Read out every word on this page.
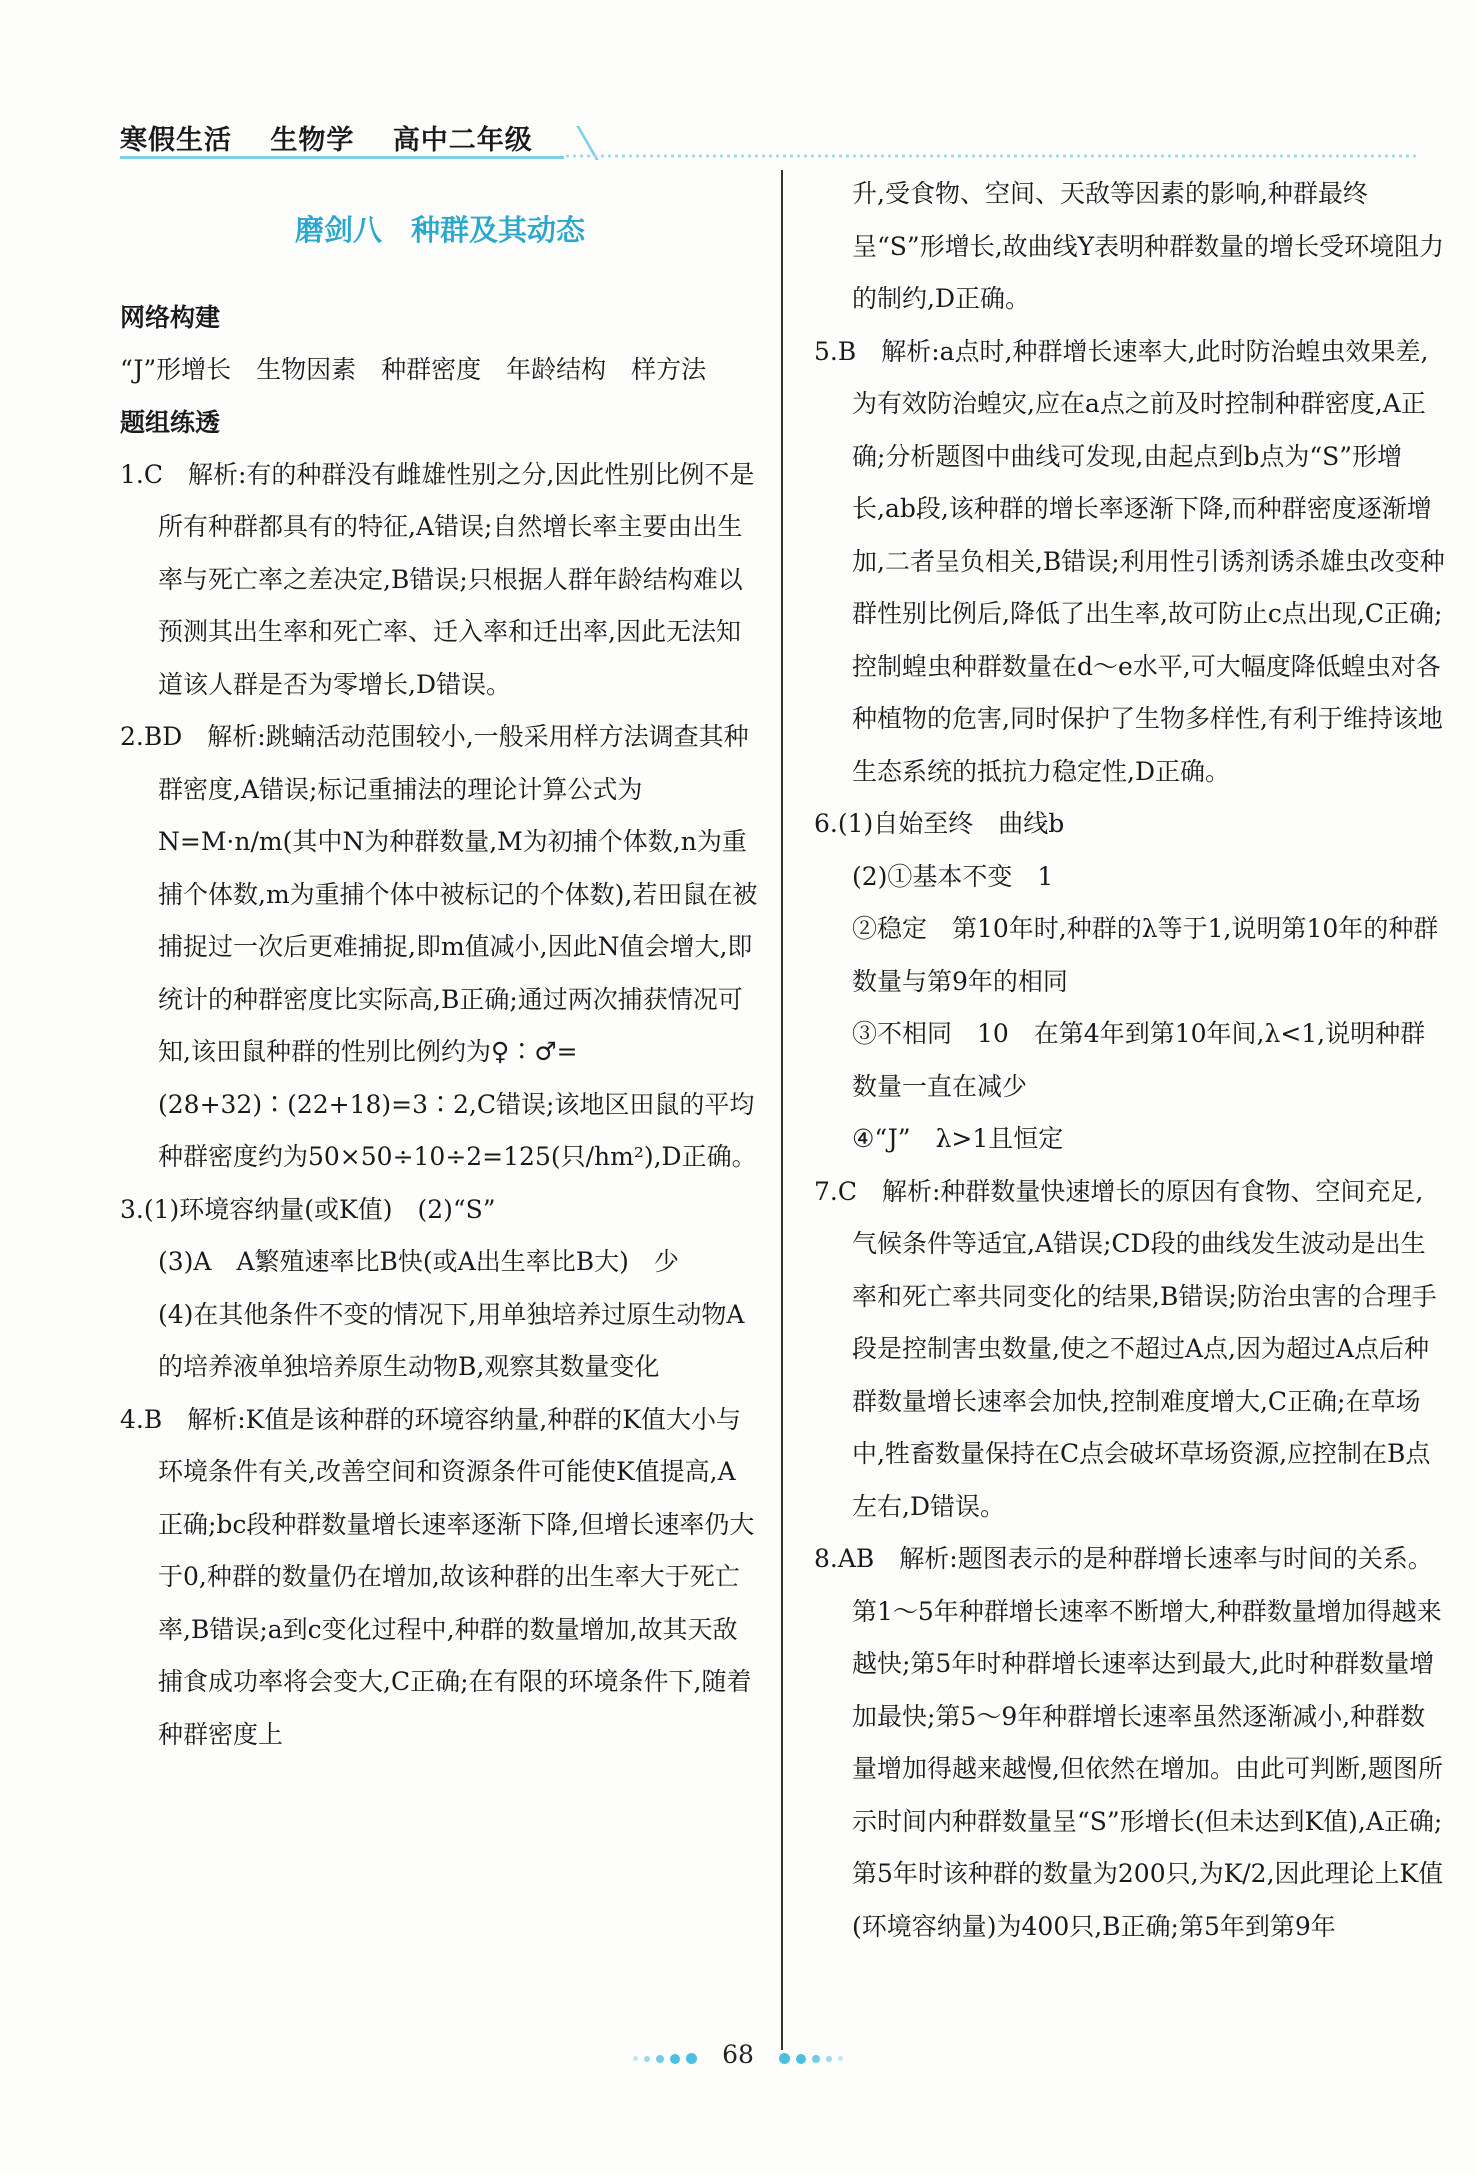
寒假生活 生物学 高中二年级
磨剑八　种群及其动态
网络构建
“J”形增长　生物因素　种群密度　年龄结构　样方法
题组练透
1.C　解析:有的种群没有雌雄性别之分,因此性别比例不是所有种群都具有的特征,A错误;自然增长率主要由出生率与死亡率之差决定,B错误;只根据人群年龄结构难以预测其出生率和死亡率、迁入率和迁出率,因此无法知道该人群是否为零增长,D错误。
2.BD　解析:跳蝻活动范围较小,一般采用样方法调查其种群密度,A错误;标记重捕法的理论计算公式为N=M·n/m(其中N为种群数量,M为初捕个体数,n为重捕个体数,m为重捕个体中被标记的个体数),若田鼠在被捕捉过一次后更难捕捉,即m值减小,因此N值会增大,即统计的种群密度比实际高,B正确;通过两次捕获情况可知,该田鼠种群的性别比例约为♀∶♂=(28+32)∶(22+18)=3∶2,C错误;该地区田鼠的平均种群密度约为50×50÷10÷2=125(只/hm²),D正确。
3.(1)环境容纳量(或K值)　(2)“S”
(3)A　A繁殖速率比B快(或A出生率比B大)　少
(4)在其他条件不变的情况下,用单独培养过原生动物A的培养液单独培养原生动物B,观察其数量变化
4.B　解析:K值是该种群的环境容纳量,种群的K值大小与环境条件有关,改善空间和资源条件可能使K值提高,A正确;bc段种群数量增长速率逐渐下降,但增长速率仍大于0,种群的数量仍在增加,故该种群的出生率大于死亡率,B错误;a到c变化过程中,种群的数量增加,故其天敌捕食成功率将会变大,C正确;在有限的环境条件下,随着种群密度上
升,受食物、空间、天敌等因素的影响,种群最终呈“S”形增长,故曲线Y表明种群数量的增长受环境阻力的制约,D正确。
5.B　解析:a点时,种群增长速率大,此时防治蝗虫效果差,为有效防治蝗灾,应在a点之前及时控制种群密度,A正确;分析题图中曲线可发现,由起点到b点为“S”形增长,ab段,该种群的增长率逐渐下降,而种群密度逐渐增加,二者呈负相关,B错误;利用性引诱剂诱杀雄虫改变种群性别比例后,降低了出生率,故可防止c点出现,C正确;控制蝗虫种群数量在d～e水平,可大幅度降低蝗虫对各种植物的危害,同时保护了生物多样性,有利于维持该地生态系统的抵抗力稳定性,D正确。
6.(1)自始至终　曲线b
(2)①基本不变　1
②稳定　第10年时,种群的λ等于1,说明第10年的种群数量与第9年的相同
③不相同　10　在第4年到第10年间,λ<1,说明种群数量一直在减少
④“J”　λ>1且恒定
7.C　解析:种群数量快速增长的原因有食物、空间充足,气候条件等适宜,A错误;CD段的曲线发生波动是出生率和死亡率共同变化的结果,B错误;防治虫害的合理手段是控制害虫数量,使之不超过A点,因为超过A点后种群数量增长速率会加快,控制难度增大,C正确;在草场中,牲畜数量保持在C点会破坏草场资源,应控制在B点左右,D错误。
8.AB　解析:题图表示的是种群增长速率与时间的关系。第1～5年种群增长速率不断增大,种群数量增加得越来越快;第5年时种群增长速率达到最大,此时种群数量增加最快;第5～9年种群增长速率虽然逐渐减小,种群数量增加得越来越慢,但依然在增加。由此可判断,题图所示时间内种群数量呈“S”形增长(但未达到K值),A正确;第5年时该种群的数量为200只,为K/2,因此理论上K值(环境容纳量)为400只,B正确;第5年到第9年
68
